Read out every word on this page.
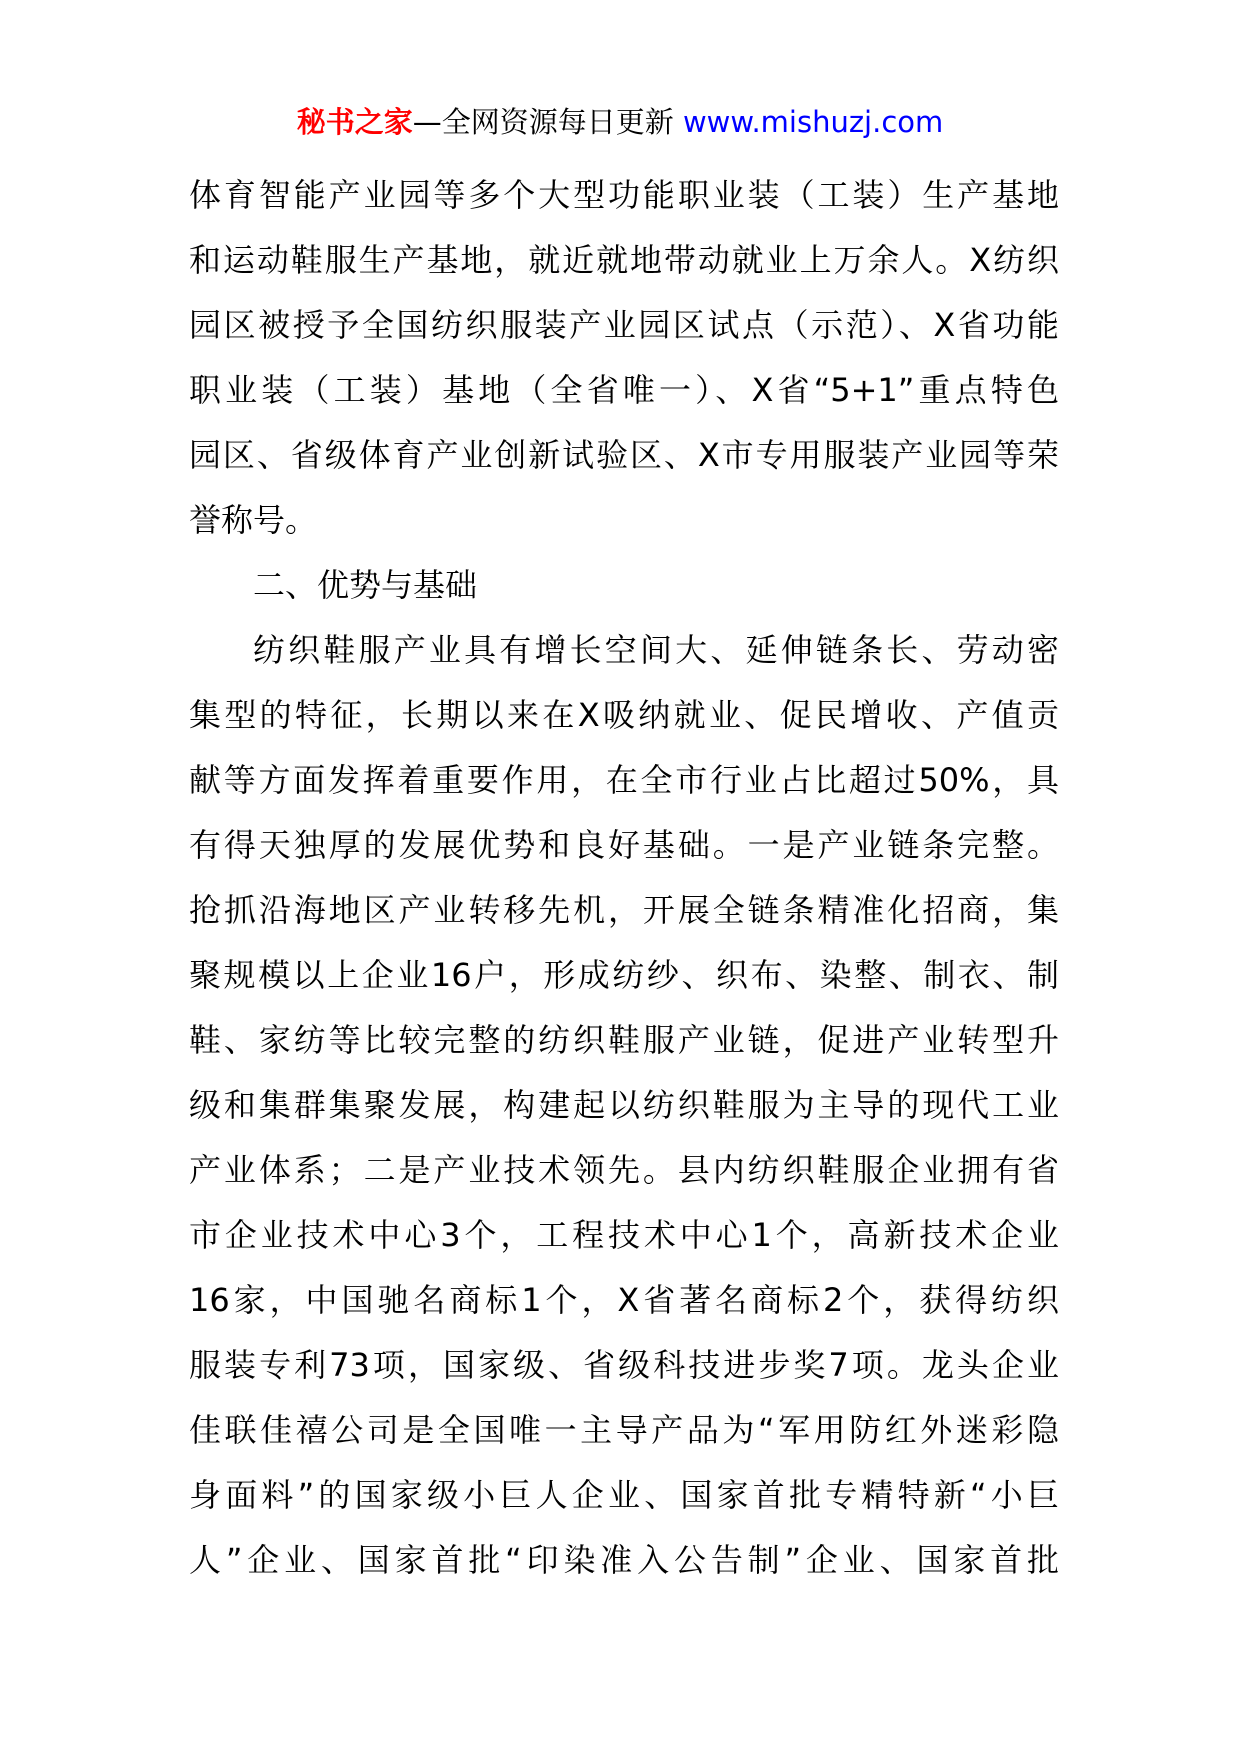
秘书之家—全网资源每日更新 www.mishuzj.com
体育智能产业园等多个大型功能职业装（工装）生产基地
和运动鞋服生产基地，就近就地带动就业上万余人。X纺织
园区被授予全国纺织服装产业园区试点（示范）、X省功能
职业装（工装）基地（全省唯一）、X省“5+1”重点特色
园区、省级体育产业创新试验区、X市专用服装产业园等荣
誉称号。
二、优势与基础
纺织鞋服产业具有增长空间大、延伸链条长、劳动密
集型的特征，长期以来在X吸纳就业、促民增收、产值贡
献等方面发挥着重要作用，在全市行业占比超过50%，具
有得天独厚的发展优势和良好基础。一是产业链条完整。
抢抓沿海地区产业转移先机，开展全链条精准化招商，集
聚规模以上企业16户，形成纺纱、织布、染整、制衣、制
鞋、家纺等比较完整的纺织鞋服产业链，促进产业转型升
级和集群集聚发展，构建起以纺织鞋服为主导的现代工业
产业体系；二是产业技术领先。县内纺织鞋服企业拥有省
市企业技术中心3个，工程技术中心1个，高新技术企业
16家，中国驰名商标1个，X省著名商标2个，获得纺织
服装专利73项，国家级、省级科技进步奖7项。龙头企业
佳联佳禧公司是全国唯一主导产品为“军用防红外迷彩隐
身面料”的国家级小巨人企业、国家首批专精特新“小巨
人”企业、国家首批“印染准入公告制”企业、国家首批
